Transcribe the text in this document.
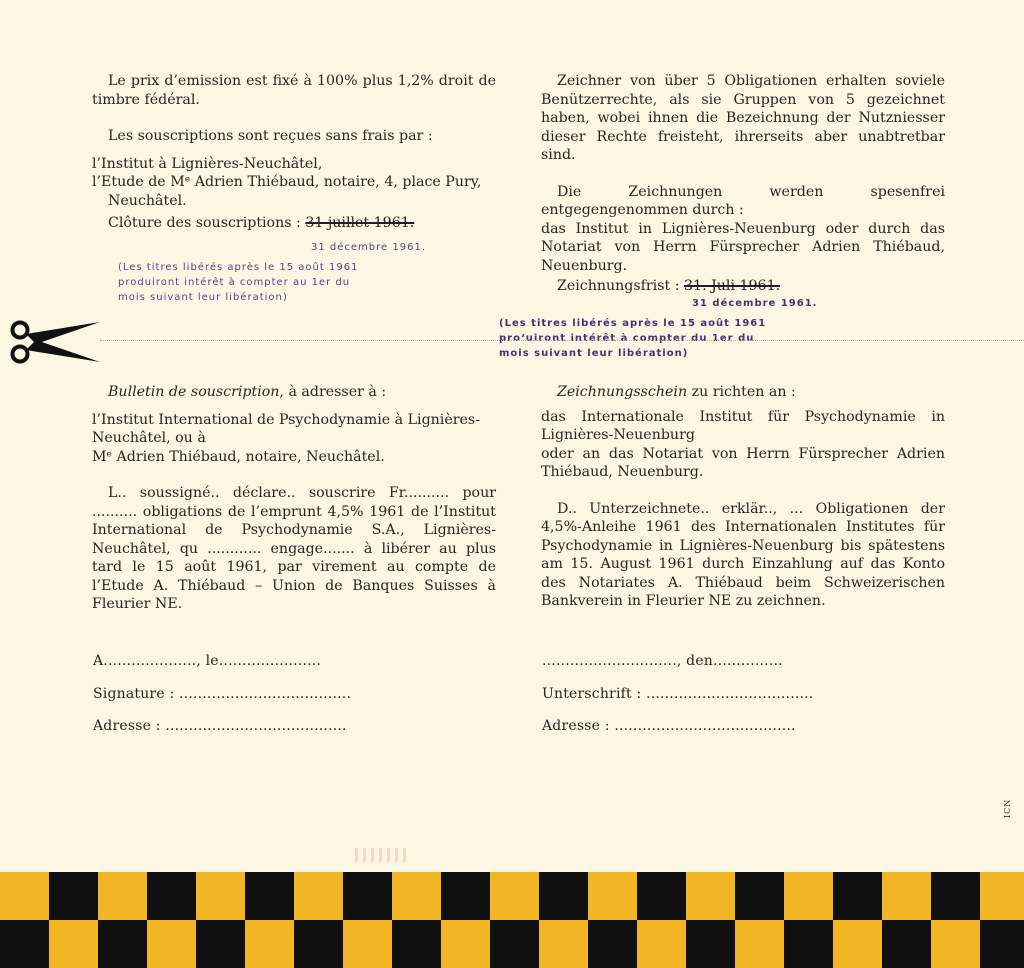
Le prix d’emission est fixé à 100% plus 1,2% droit de timbre fédéral.

Les souscriptions sont reçues sans frais par :

l’Institut à Lignières-Neuchâtel,

l’Etude de Mᵉ Adrien Thiébaud, notaire, 4, place Pury, Neuchâtel.

Clôture des souscriptions : 31 juillet 1961.

31 décembre 1961.
(Les titres libérés après le 15 août 1961
produiront intérêt à compter au 1er du
mois suivant leur libération)

Zeichner von über 5 Obligationen erhalten soviele Benützerrechte, als sie Gruppen von 5 gezeichnet haben, wobei ihnen die Bezeichnung der Nutzniesser dieser Rechte freisteht, ihrerseits aber unabtretbar sind.

Die Zeichnungen werden spesenfrei entgegengenommen durch :

das Institut in Lignières-Neuenburg oder durch das Notariat von Herrn Fürsprecher Adrien Thiébaud, Neuenburg.

Zeichnungsfrist : 31. Juli 1961.

31 décembre 1961.
(Les titres libérés après le 15 août 1961
pro‘uiront intérêt à compter du 1er du
mois suivant leur libération)

Bulletin de souscription, à adresser à :

l’Institut International de Psychodynamie à Lignières-Neuchâtel, ou à

Mᵉ Adrien Thiébaud, notaire, Neuchâtel.

L.. soussigné.. déclare.. souscrire Fr.......... pour .......... obligations de l’emprunt 4,5% 1961 de l’Institut International de Psychodynamie S.A., Lignières-Neuchâtel, qu ............ engage....... à libérer au plus tard le 15 août 1961, par virement au compte de l’Etude A. Thiébaud – Union de Banques Suisses à Fleurier NE.

Zeichnungsschein zu richten an :

das Internationale Institut für Psychodynamie in Lignières-Neuenburg

oder an das Notariat von Herrn Fürsprecher Adrien Thiébaud, Neuenburg.

D.. Unterzeichnete.. erklär.., ... Obligationen der 4,5%-Anleihe 1961 des Internationalen Institutes für Psychodynamie in Lignières-Neuenburg bis spätestens am 15. August 1961 durch Einzahlung auf das Konto des Notariates A. Thiébaud beim Schweizerischen Bankverein in Fleurier NE zu zeichnen.

A...................., le......................
Signature : .....................................
Adresse : .......................................
............................., den...............
Unterschrift : ....................................
Adresse : .......................................
ICN
